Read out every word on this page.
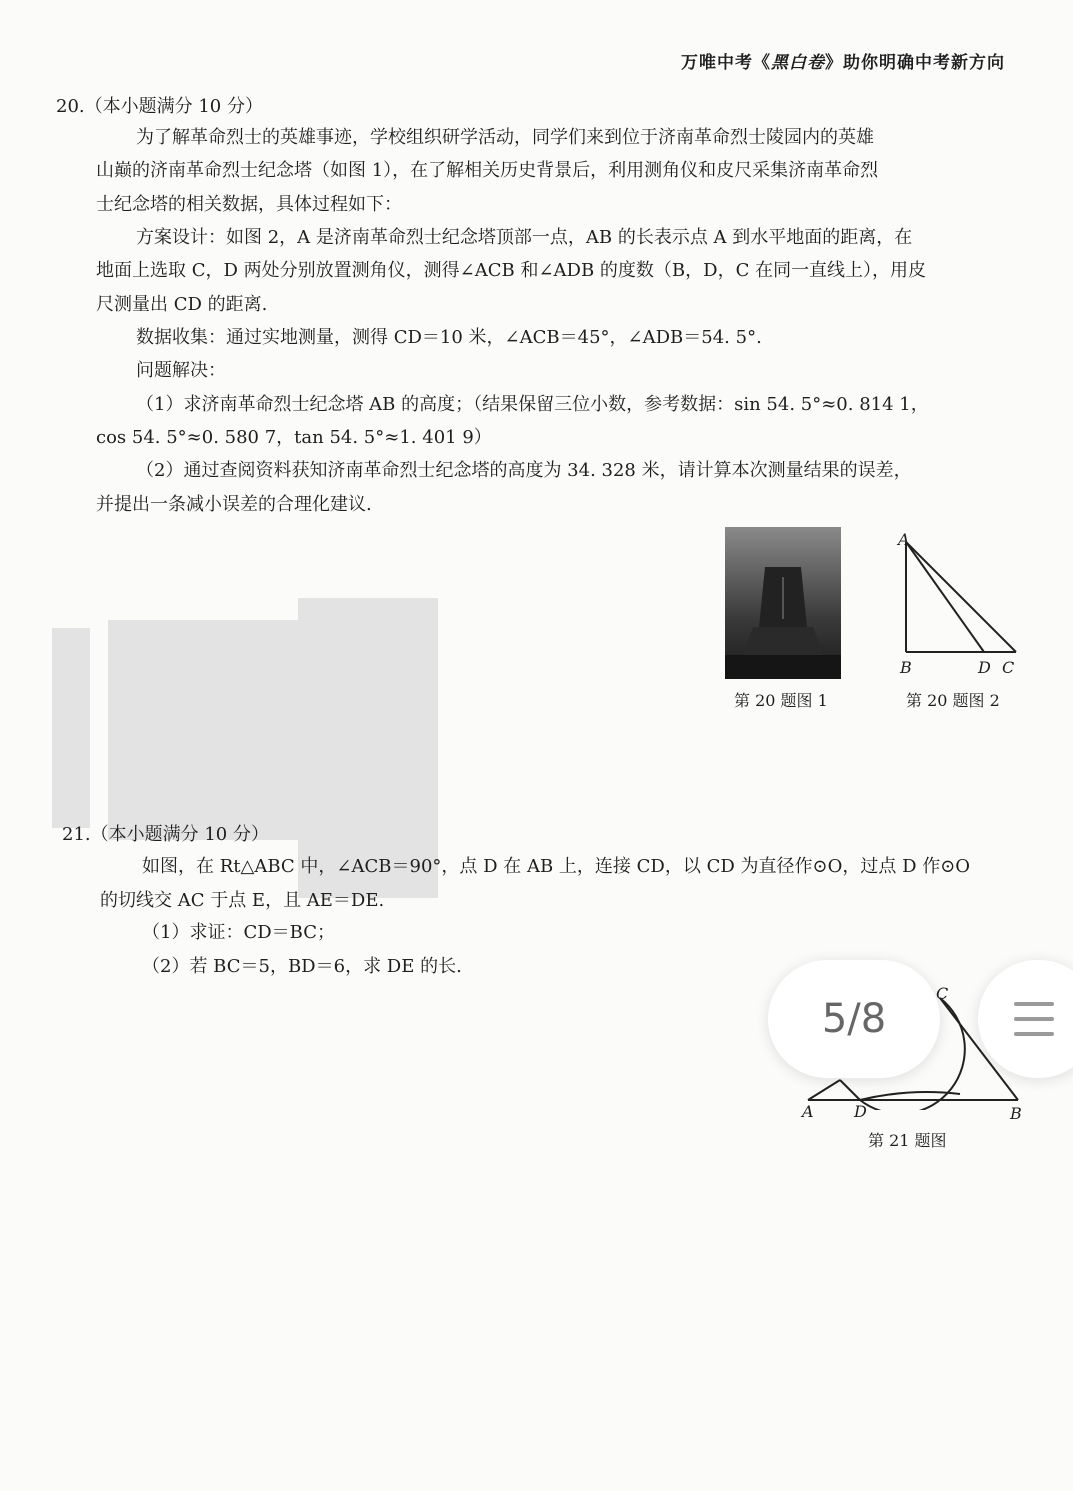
万唯中考《黑白卷》助你明确中考新方向
20.（本小题满分 10 分）
为了解革命烈士的英雄事迹，学校组织研学活动，同学们来到位于济南革命烈士陵园内的英雄
山巅的济南革命烈士纪念塔（如图 1），在了解相关历史背景后，利用测角仪和皮尺采集济南革命烈
士纪念塔的相关数据，具体过程如下：
方案设计：如图 2，A 是济南革命烈士纪念塔顶部一点，AB 的长表示点 A 到水平地面的距离，在
地面上选取 C，D 两处分别放置测角仪，测得∠ACB 和∠ADB 的度数（B，D，C 在同一直线上），用皮
尺测量出 CD 的距离.
数据收集：通过实地测量，测得 CD＝10 米，∠ACB＝45°，∠ADB＝54. 5°.
问题解决：
（1）求济南革命烈士纪念塔 AB 的高度；（结果保留三位小数，参考数据：sin 54. 5°≈0. 814 1，
cos 54. 5°≈0. 580 7，tan 54. 5°≈1. 401 9）
（2）通过查阅资料获知济南革命烈士纪念塔的高度为 34. 328 米，请计算本次测量结果的误差，
并提出一条减小误差的合理化建议.
第 20 题图 1
A
B	D C
第 20 题图 2
21.（本小题满分 10 分）
如图，在 Rt△ABC 中，∠ACB＝90°，点 D 在 AB 上，连接 CD，以 CD 为直径作⊙O，过点 D 作⊙O
的切线交 AC 于点 E，且 AE＝DE.
（1）求证：CD＝BC；
（2）若 BC＝5，BD＝6，求 DE 的长.
C
A	D	B
第 21 题图
5/8
